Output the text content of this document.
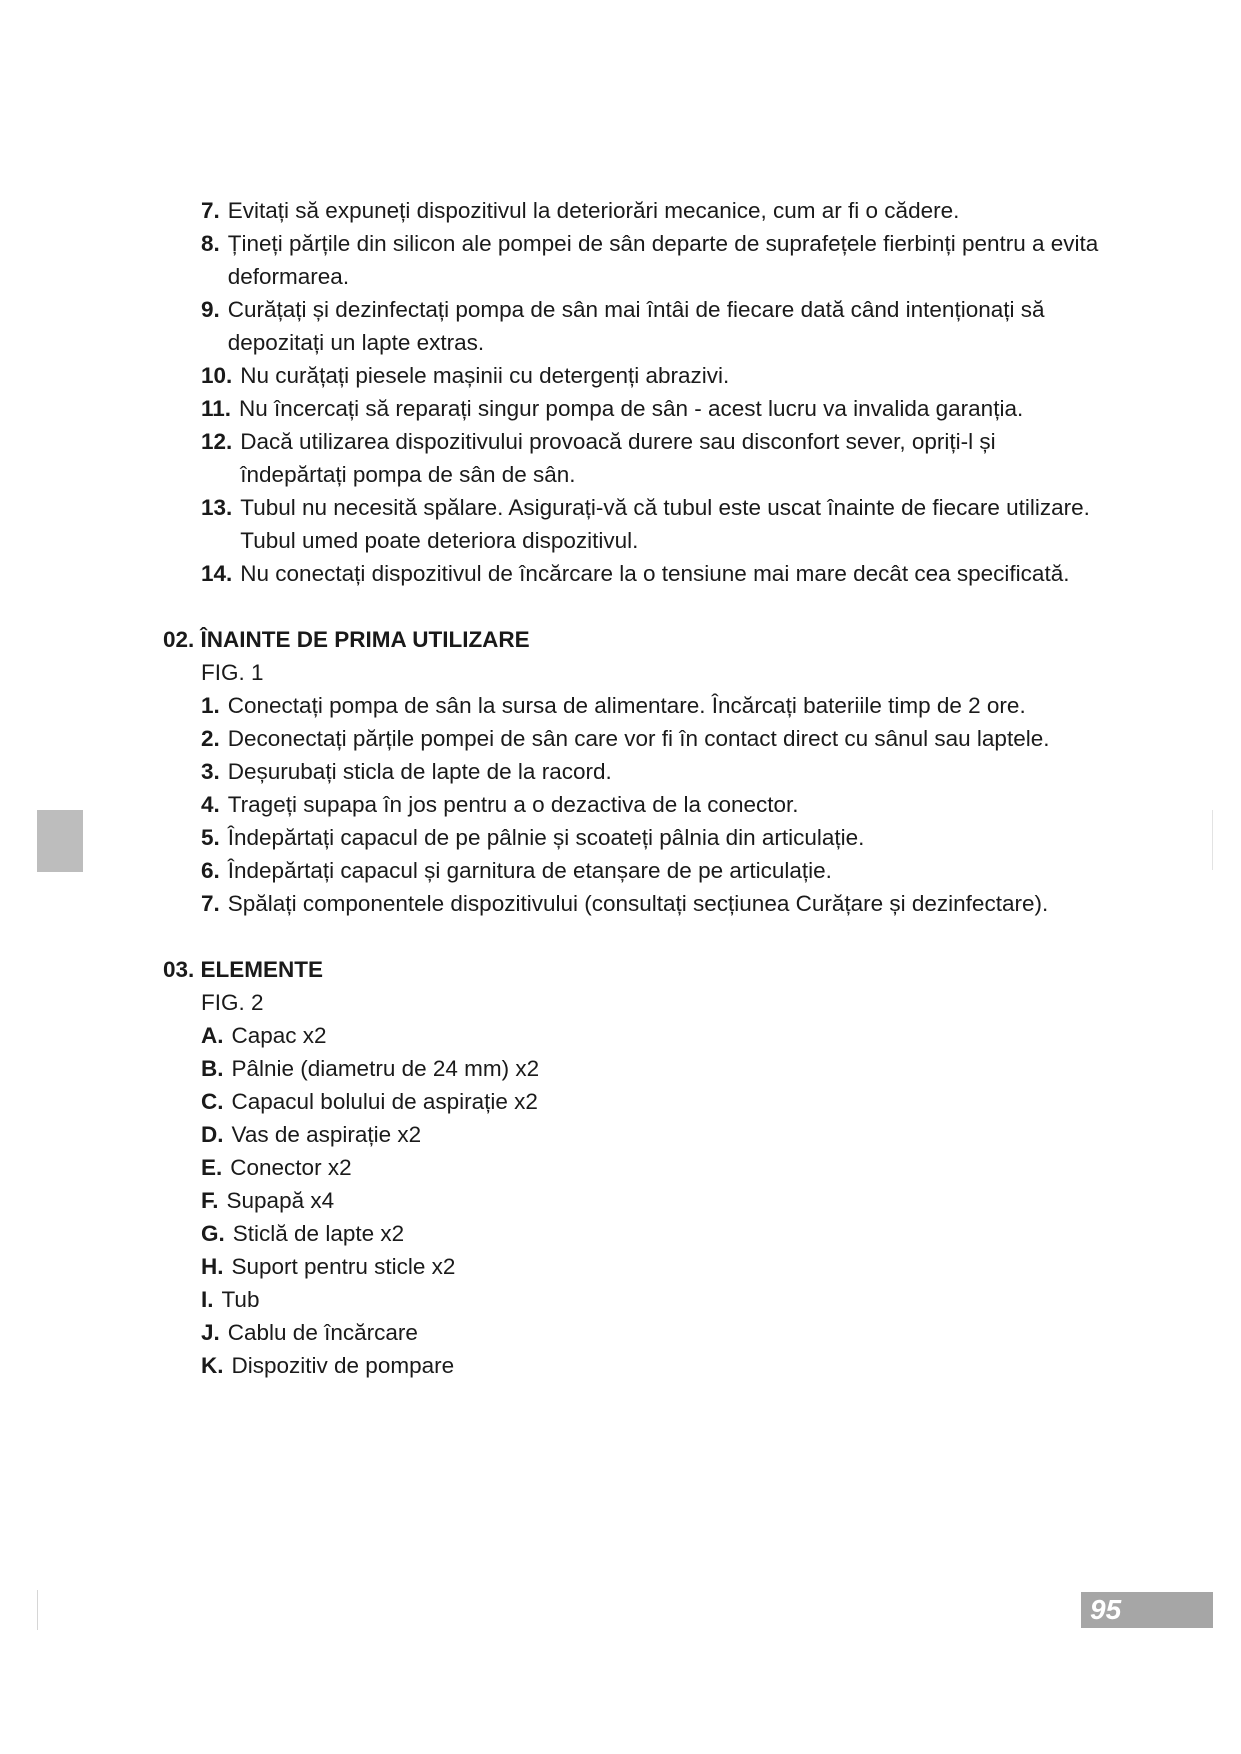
7. Evitați să expuneți dispozitivul la deteriorări mecanice, cum ar fi o cădere.
8. Țineți părțile din silicon ale pompei de sân departe de suprafețele fierbinți pentru a evita deformarea.
9. Curățați și dezinfectați pompa de sân mai întâi de fiecare dată când intenționați să depozitați un lapte extras.
10. Nu curățați piesele mașinii cu detergenți abrazivi.
11. Nu încercați să reparați singur pompa de sân - acest lucru va invalida garanția.
12. Dacă utilizarea dispozitivului provoacă durere sau disconfort sever, opriți-l și îndepărtați pompa de sân de sân.
13. Tubul nu necesită spălare. Asigurați-vă că tubul este uscat înainte de fiecare utilizare. Tubul umed poate deteriora dispozitivul.
14. Nu conectați dispozitivul de încărcare la o tensiune mai mare decât cea specificată.
02. ÎNAINTE DE PRIMA UTILIZARE
FIG. 1
1. Conectați pompa de sân la sursa de alimentare. Încărcați bateriile timp de 2 ore.
2. Deconectați părțile pompei de sân care vor fi în contact direct cu sânul sau laptele.
3. Deșurubați sticla de lapte de la racord.
4. Trageți supapa în jos pentru a o dezactiva de la conector.
5. Îndepărtați capacul de pe pâlnie și scoateți pâlnia din articulație.
6. Îndepărtați capacul și garnitura de etanșare de pe articulație.
7. Spălați componentele dispozitivului (consultați secțiunea Curățare și dezinfectare).
03. ELEMENTE
FIG. 2
A. Capac x2
B. Pâlnie (diametru de 24 mm) x2
C. Capacul bolului de aspirație x2
D. Vas de aspirație x2
E. Conector x2
F. Supapă x4
G. Sticlă de lapte x2
H. Suport pentru sticle x2
I. Tub
J. Cablu de încărcare
K. Dispozitiv de pompare
95
